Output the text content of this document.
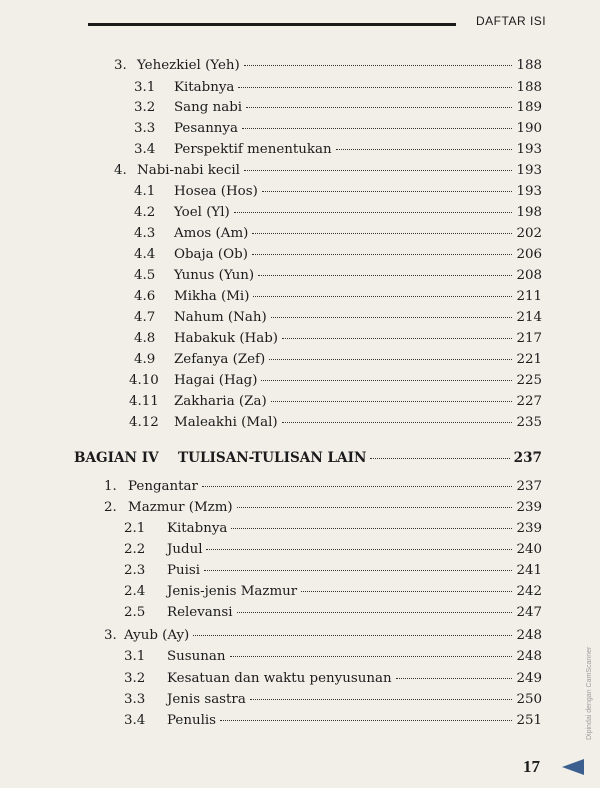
DAFTAR ISI
3. Yehezkiel (Yeh)	188
3.1	Kitabnya	188
3.2	Sang nabi	189
3.3	Pesannya	190
3.4	Perspektif menentukan	193
4. Nabi-nabi kecil	193
4.1	Hosea (Hos)	193
4.2	Yoel (Yl)	198
4.3	Amos (Am)	202
4.4	Obaja (Ob)	206
4.5	Yunus (Yun)	208
4.6	Mikha (Mi)	211
4.7	Nahum (Nah)	214
4.8	Habakuk (Hab)	217
4.9	Zefanya (Zef)	221
4.10	Hagai (Hag)	225
4.11	Zakharia (Za)	227
4.12	Maleakhi (Mal)	235
BAGIAN IV	TULISAN-TULISAN LAIN	237
1. Pengantar	237
2. Mazmur (Mzm)	239
2.1	Kitabnya	239
2.2	Judul	240
2.3	Puisi	241
2.4	Jenis-jenis Mazmur	242
2.5	Relevansi	247
3. Ayub (Ay)	248
3.1	Susunan	248
3.2	Kesatuan dan waktu penyusunan	249
3.3	Jenis sastra	250
3.4	Penulis	251
17
Dipindai dengan CamScanner
